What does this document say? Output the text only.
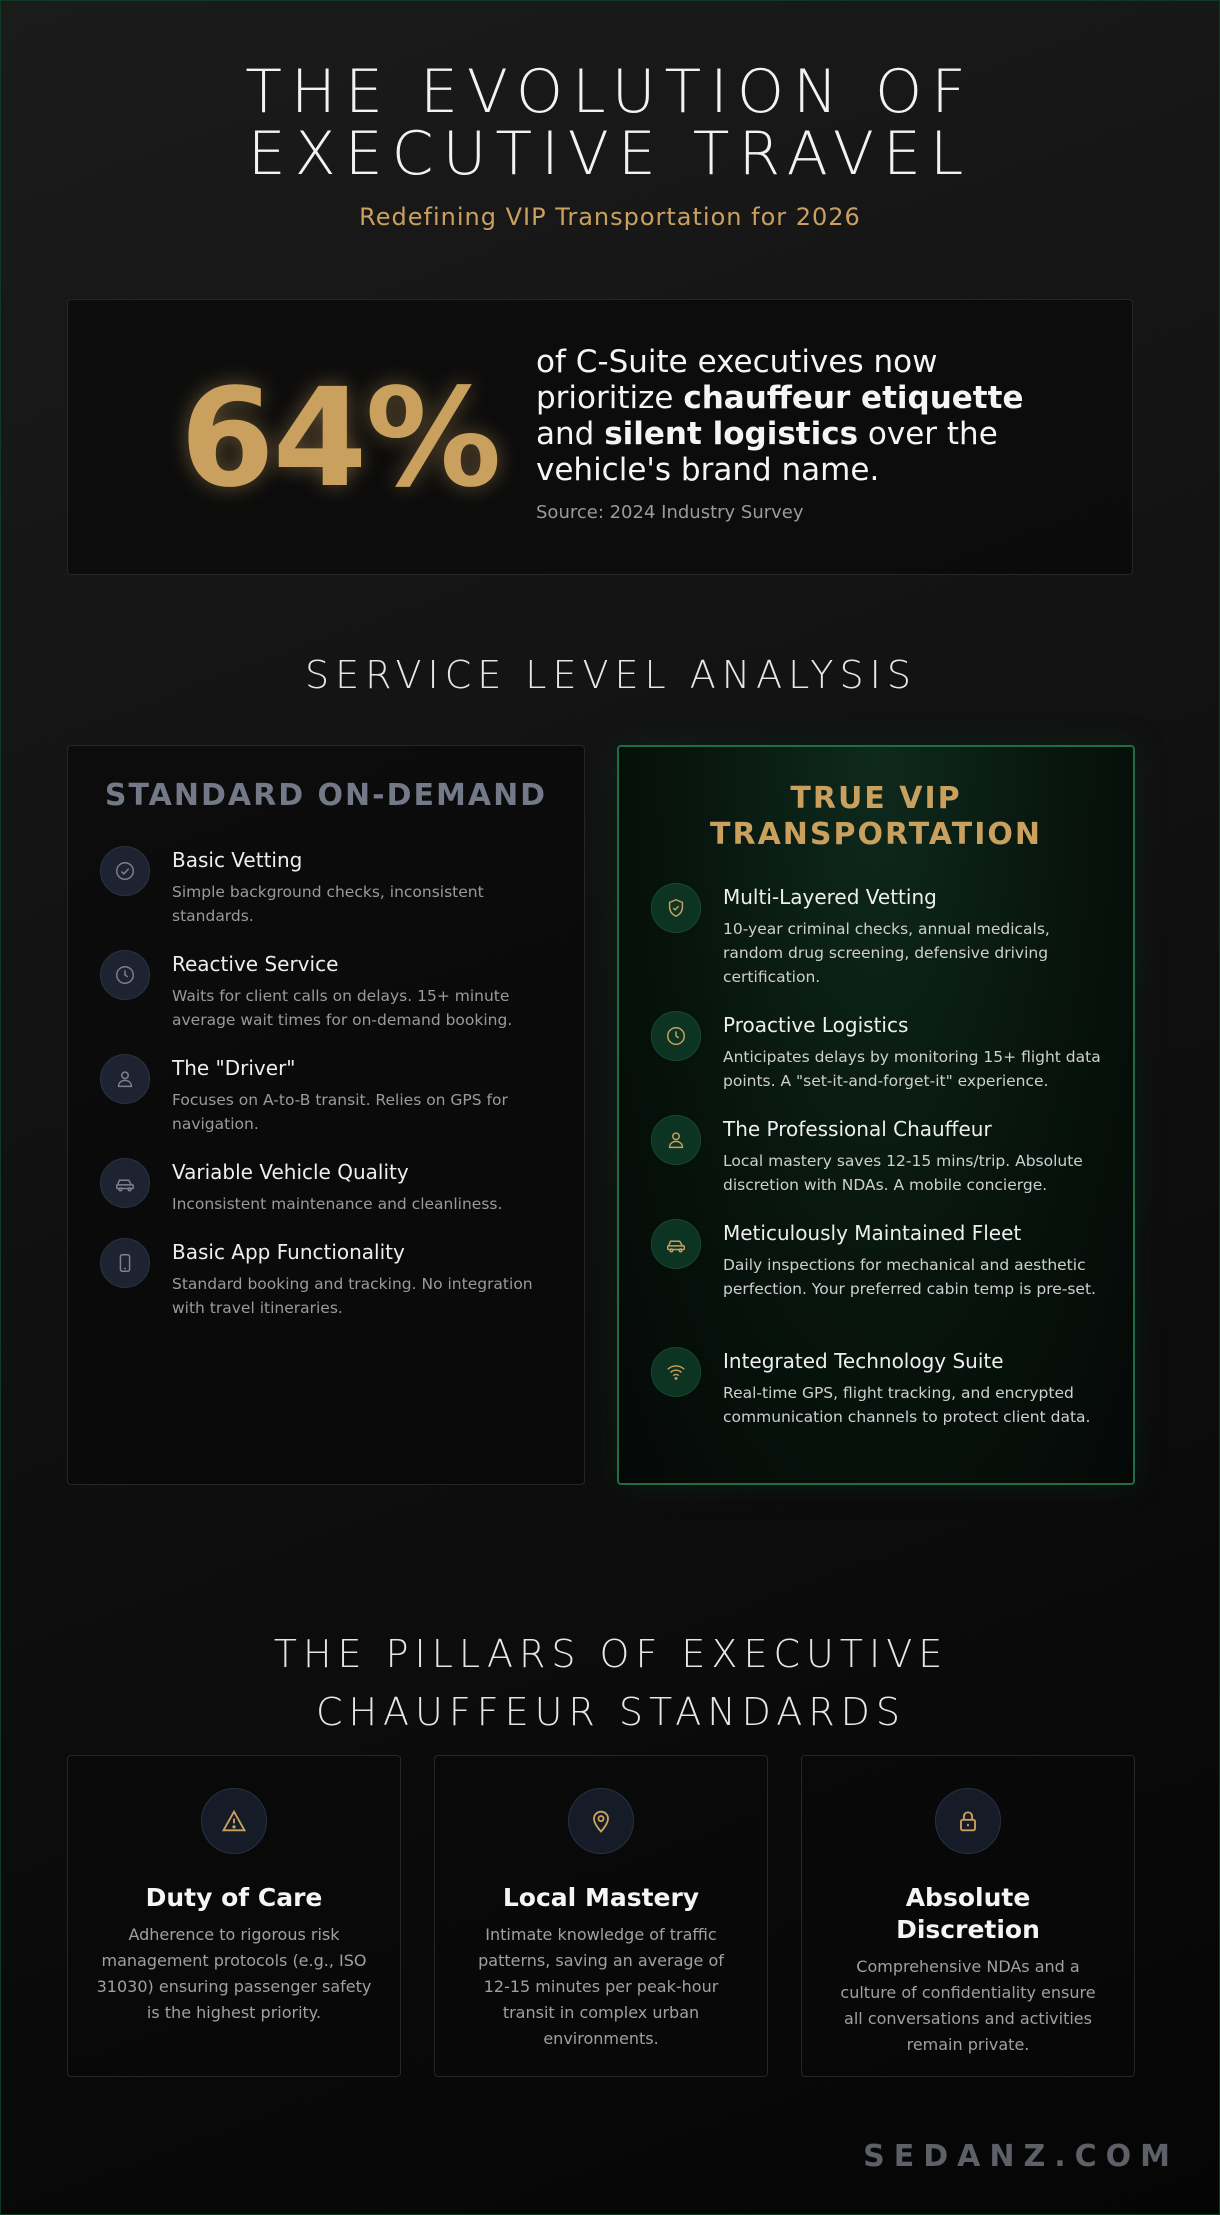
THE EVOLUTION OF EXECUTIVE TRAVEL
Redefining VIP Transportation for 2026
64% of C-Suite executives now prioritize chauffeur etiquette and silent logistics over the vehicle's brand name.
Source: 2024 Industry Survey
SERVICE LEVEL ANALYSIS
STANDARD ON-DEMAND
Basic Vetting
Simple background checks, inconsistent standards.
Reactive Service
Waits for client calls on delays. 15+ minute average wait times for on-demand booking.
The "Driver"
Focuses on A-to-B transit. Relies on GPS for navigation.
Variable Vehicle Quality
Inconsistent maintenance and cleanliness.
Basic App Functionality
Standard booking and tracking. No integration with travel itineraries.
TRUE VIP TRANSPORTATION
Multi-Layered Vetting
10-year criminal checks, annual medicals, random drug screening, defensive driving certification.
Proactive Logistics
Anticipates delays by monitoring 15+ flight data points. A "set-it-and-forget-it" experience.
The Professional Chauffeur
Local mastery saves 12-15 mins/trip. Absolute discretion with NDAs. A mobile concierge.
Meticulously Maintained Fleet
Daily inspections for mechanical and aesthetic perfection. Your preferred cabin temp is pre-set.
Integrated Technology Suite
Real-time GPS, flight tracking, and encrypted communication channels to protect client data.
THE PILLARS OF EXECUTIVE CHAUFFEUR STANDARDS
Duty of Care
Adherence to rigorous risk management protocols (e.g., ISO 31030) ensuring passenger safety is the highest priority.
Local Mastery
Intimate knowledge of traffic patterns, saving an average of 12-15 minutes per peak-hour transit in complex urban environments.
Absolute Discretion
Comprehensive NDAs and a culture of confidentiality ensure all conversations and activities remain private.
SEDANZ.COM
